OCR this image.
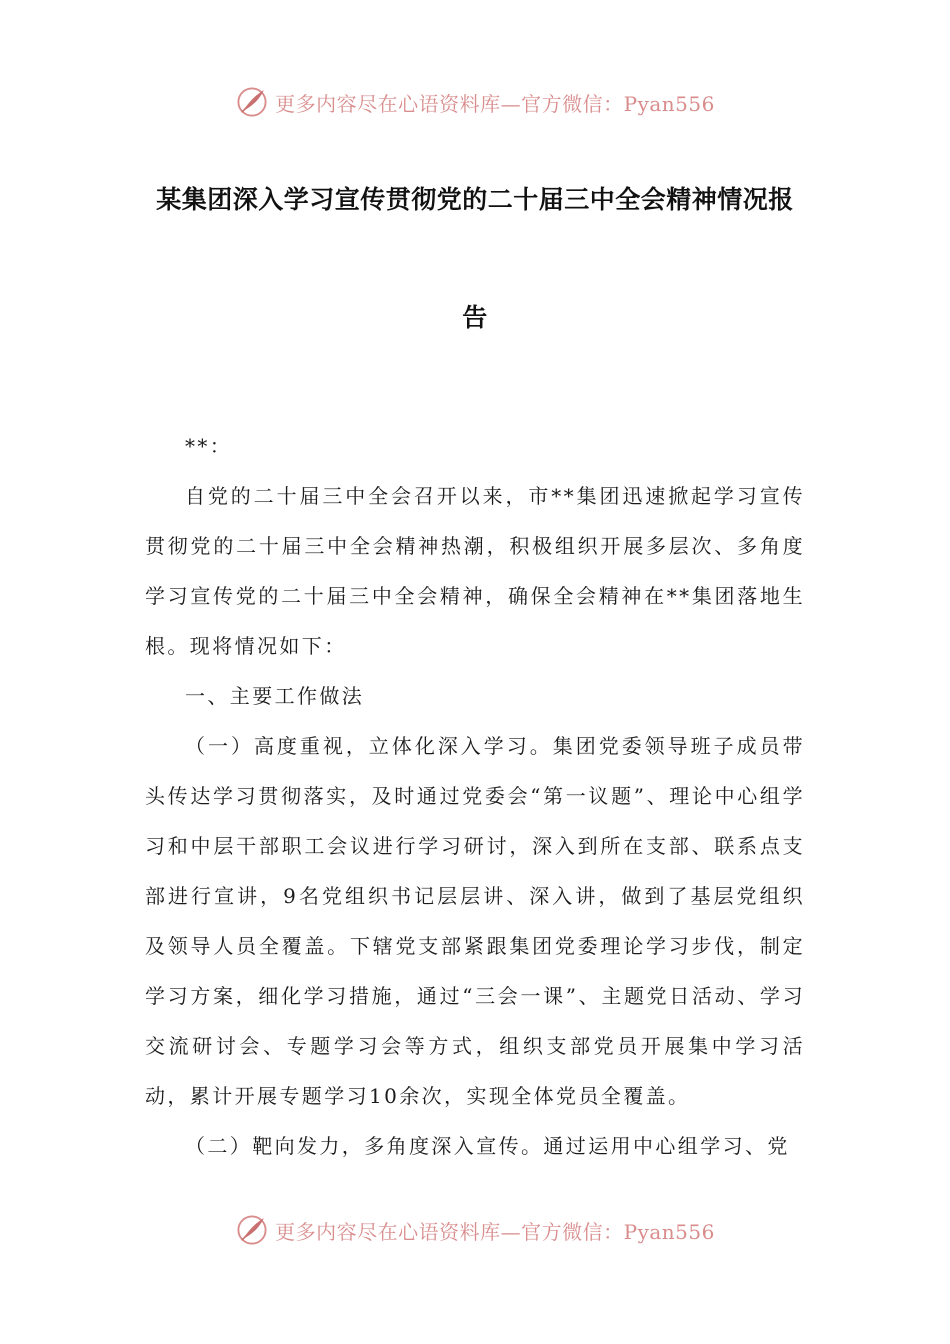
更多内容尽在心语资料库—官方微信：Pyan556
某集团深入学习宣传贯彻党的二十届三中全会精神情况报
告

**：

自党的二十届三中全会召开以来，市**集团迅速掀起学习宣传贯彻党的二十届三中全会精神热潮，积极组织开展多层次、多角度学习宣传党的二十届三中全会精神，确保全会精神在**集团落地生根。现将情况如下：

一、主要工作做法

（一）高度重视，立体化深入学习。集团党委领导班子成员带头传达学习贯彻落实，及时通过党委会“第一议题”、理论中心组学习和中层干部职工会议进行学习研讨，深入到所在支部、联系点支部进行宣讲，9名党组织书记层层讲、深入讲，做到了基层党组织及领导人员全覆盖。下辖党支部紧跟集团党委理论学习步伐，制定学习方案，细化学习措施，通过“三会一课”、主题党日活动、学习交流研讨会、专题学习会等方式，组织支部党员开展集中学习活动，累计开展专题学习10余次，实现全体党员全覆盖。

（二）靶向发力，多角度深入宣传。通过运用中心组学习、党

更多内容尽在心语资料库—官方微信：Pyan556
